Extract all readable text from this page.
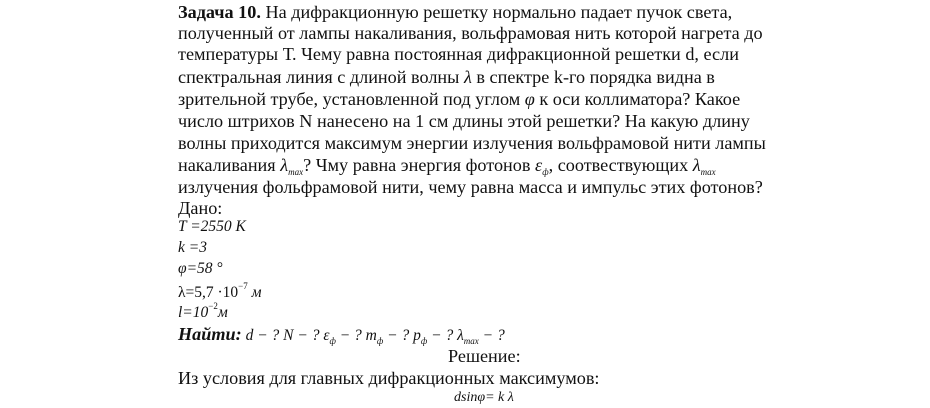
Задача 10. На дифракционную решетку нормально падает пучок света,
полученный от лампы накаливания, вольфрамовая нить которой нагрета до
температуры Т. Чему равна постоянная дифракционной решетки d, если
спектральная линия с длиной волны λ в спектре k-го порядка видна в
зрительной трубе, установленной под углом φ к оси коллиматора? Какое
число штрихов N нанесено на 1 см длины этой решетки? На какую длину
волны приходится максимум энергии излучения вольфрамовой нити лампы
накаливания $\lambda_{max}$? Чму равна энергия фотонов $\varepsilon_ф$, соотвествующих $\lambda_{max}$
излучения фольфрамовой нити, чему равна масса и импульс этих фотонов?
Дано:
T =2550 K
k =3
φ=58 °
$\lambda=5,7 \cdot 10^{-7}$ м
$l=10^{-2}м$
Найти: d − ? N − ? $\varepsilon_ф$ − ? $m_ф$ − ? $p_ф$ − ? $\lambda_{max}$ − ?
Решение:
Из условия для главных дифракционных максимумов:
dsinφ= k λ
